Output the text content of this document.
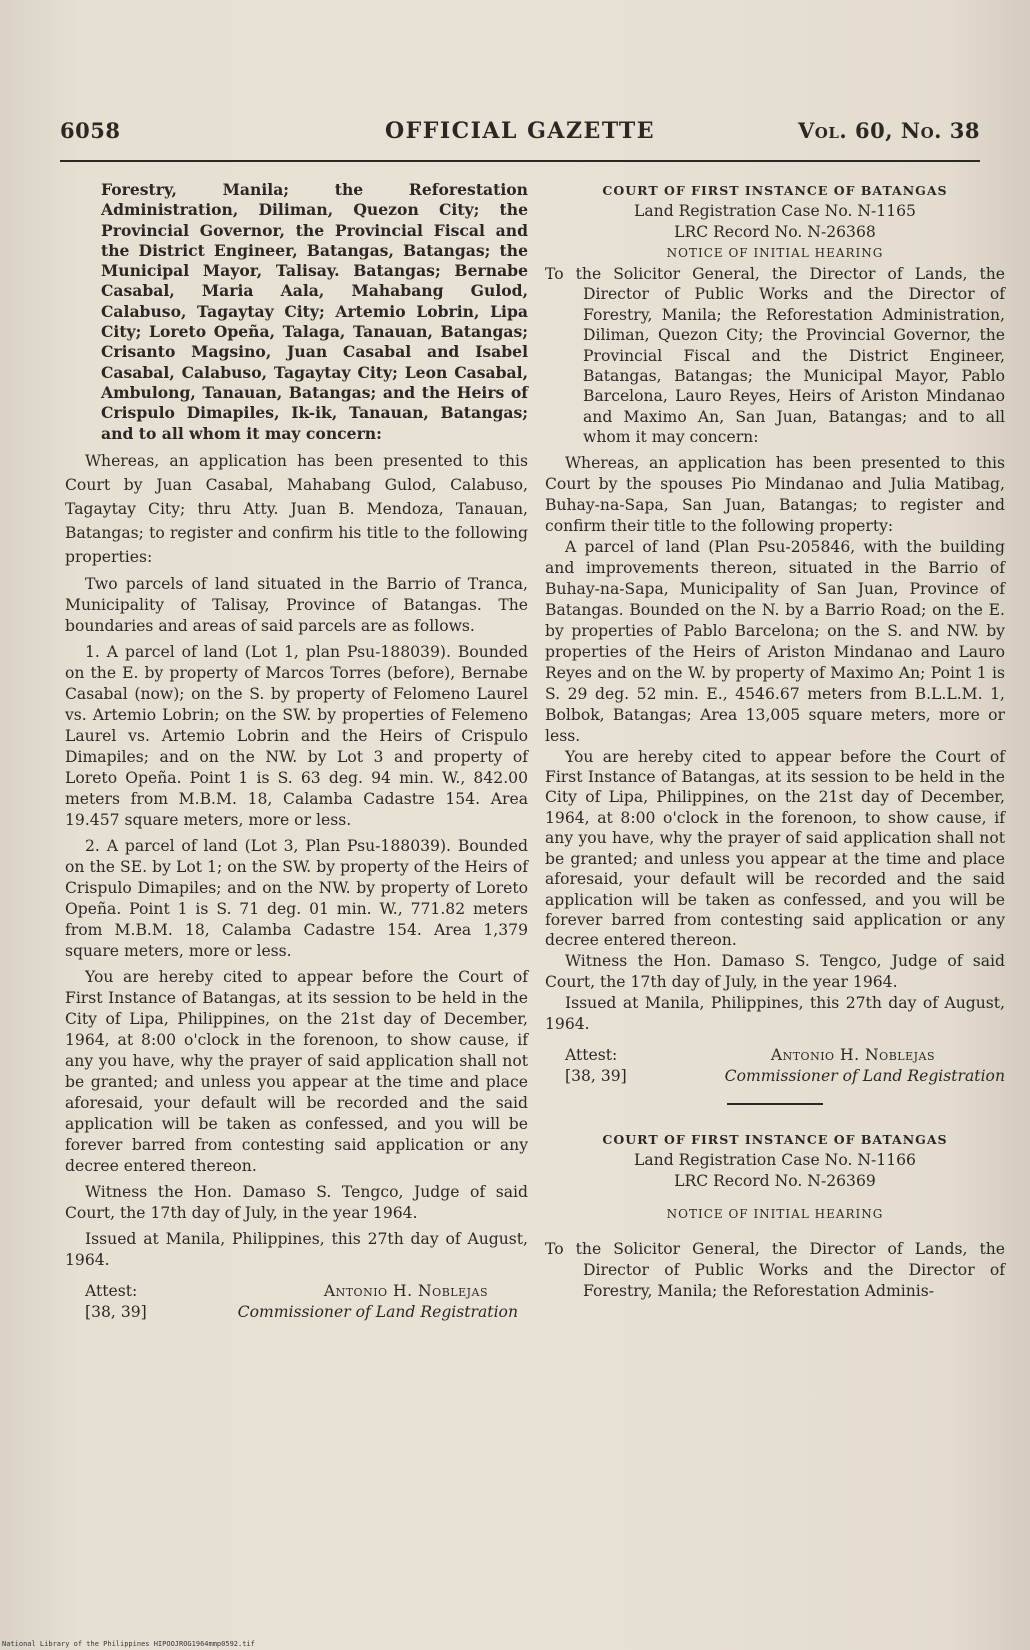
6058	OFFICIAL GAZETTE	Vol. 60, No. 38

Forestry, Manila; the Reforestation Administration, Diliman, Quezon City; the Provincial Governor, the Provincial Fiscal and the District Engineer, Batangas, Batangas; the Municipal Mayor, Talisay. Batangas; Bernabe Casabal, Maria Aala, Mahabang Gulod, Calabuso, Tagaytay City; Artemio Lobrin, Lipa City; Loreto Opeña, Talaga, Tanauan, Batangas; Crisanto Magsino, Juan Casabal and Isabel Casabal, Calabuso, Tagaytay City; Leon Casabal, Ambulong, Tanauan, Batangas; and the Heirs of Crispulo Dimapiles, Ik-ik, Tanauan, Batangas; and to all whom it may concern:

Whereas, an application has been presented to this Court by Juan Casabal, Mahabang Gulod, Calabuso, Tagaytay City; thru Atty. Juan B. Mendoza, Tanauan, Batangas; to register and confirm his title to the following properties:

Two parcels of land situated in the Barrio of Tranca, Municipality of Talisay, Province of Batangas. The boundaries and areas of said parcels are as follows.

1. A parcel of land (Lot 1, plan Psu-188039). Bounded on the E. by property of Marcos Torres (before), Bernabe Casabal (now); on the S. by property of Felomeno Laurel vs. Artemio Lobrin; on the SW. by properties of Felemeno Laurel vs. Artemio Lobrin and the Heirs of Crispulo Dimapiles; and on the NW. by Lot 3 and property of Loreto Opeña. Point 1 is S. 63 deg. 94 min. W., 842.00 meters from M.B.M. 18, Calamba Cadastre 154. Area 19.457 square meters, more or less.

2. A parcel of land (Lot 3, Plan Psu-188039). Bounded on the SE. by Lot 1; on the SW. by property of the Heirs of Crispulo Dimapiles; and on the NW. by property of Loreto Opeña. Point 1 is S. 71 deg. 01 min. W., 771.82 meters from M.B.M. 18, Calamba Cadastre 154. Area 1,379 square meters, more or less.

You are hereby cited to appear before the Court of First Instance of Batangas, at its session to be held in the City of Lipa, Philippines, on the 21st day of December, 1964, at 8:00 o'clock in the forenoon, to show cause, if any you have, why the prayer of said application shall not be granted; and unless you appear at the time and place aforesaid, your default will be recorded and the said application will be taken as confessed, and you will be forever barred from contesting said application or any decree entered thereon.

Witness the Hon. Damaso S. Tengco, Judge of said Court, the 17th day of July, in the year 1964.

Issued at Manila, Philippines, this 27th day of August, 1964.

Attest:	Antonio H. Noblejas
[38, 39]	Commissioner of Land Registration

COURT OF FIRST INSTANCE OF BATANGAS

Land Registration Case No. N-1165

LRC Record No. N-26368

NOTICE OF INITIAL HEARING

To the Solicitor General, the Director of Lands, the Director of Public Works and the Director of Forestry, Manila; the Reforestation Administration, Diliman, Quezon City; the Provincial Governor, the Provincial Fiscal and the District Engineer, Batangas, Batangas; the Municipal Mayor, Pablo Barcelona, Lauro Reyes, Heirs of Ariston Mindanao and Maximo An, San Juan, Batangas; and to all whom it may concern:

Whereas, an application has been presented to this Court by the spouses Pio Mindanao and Julia Matibag, Buhay-na-Sapa, San Juan, Batangas; to register and confirm their title to the following property:

A parcel of land (Plan Psu-205846, with the building and improvements thereon, situated in the Barrio of Buhay-na-Sapa, Municipality of San Juan, Province of Batangas. Bounded on the N. by a Barrio Road; on the E. by properties of Pablo Barcelona; on the S. and NW. by properties of the Heirs of Ariston Mindanao and Lauro Reyes and on the W. by property of Maximo An; Point 1 is S. 29 deg. 52 min. E., 4546.67 meters from B.L.L.M. 1, Bolbok, Batangas; Area 13,005 square meters, more or less.

You are hereby cited to appear before the Court of First Instance of Batangas, at its session to be held in the City of Lipa, Philippines, on the 21st day of December, 1964, at 8:00 o'clock in the forenoon, to show cause, if any you have, why the prayer of said application shall not be granted; and unless you appear at the time and place aforesaid, your default will be recorded and the said application will be taken as confessed, and you will be forever barred from contesting said application or any decree entered thereon.

Witness the Hon. Damaso S. Tengco, Judge of said Court, the 17th day of July, in the year 1964.

Issued at Manila, Philippines, this 27th day of August, 1964.

Attest:	Antonio H. Noblejas
[38, 39]	Commissioner of Land Registration

COURT OF FIRST INSTANCE OF BATANGAS

Land Registration Case No. N-1166

LRC Record No. N-26369

NOTICE OF INITIAL HEARING

To the Solicitor General, the Director of Lands, the Director of Public Works and the Director of Forestry, Manila; the Reforestation Adminis-

National Library of the Philippines HIPOOJROG1964mmp0592.tif
